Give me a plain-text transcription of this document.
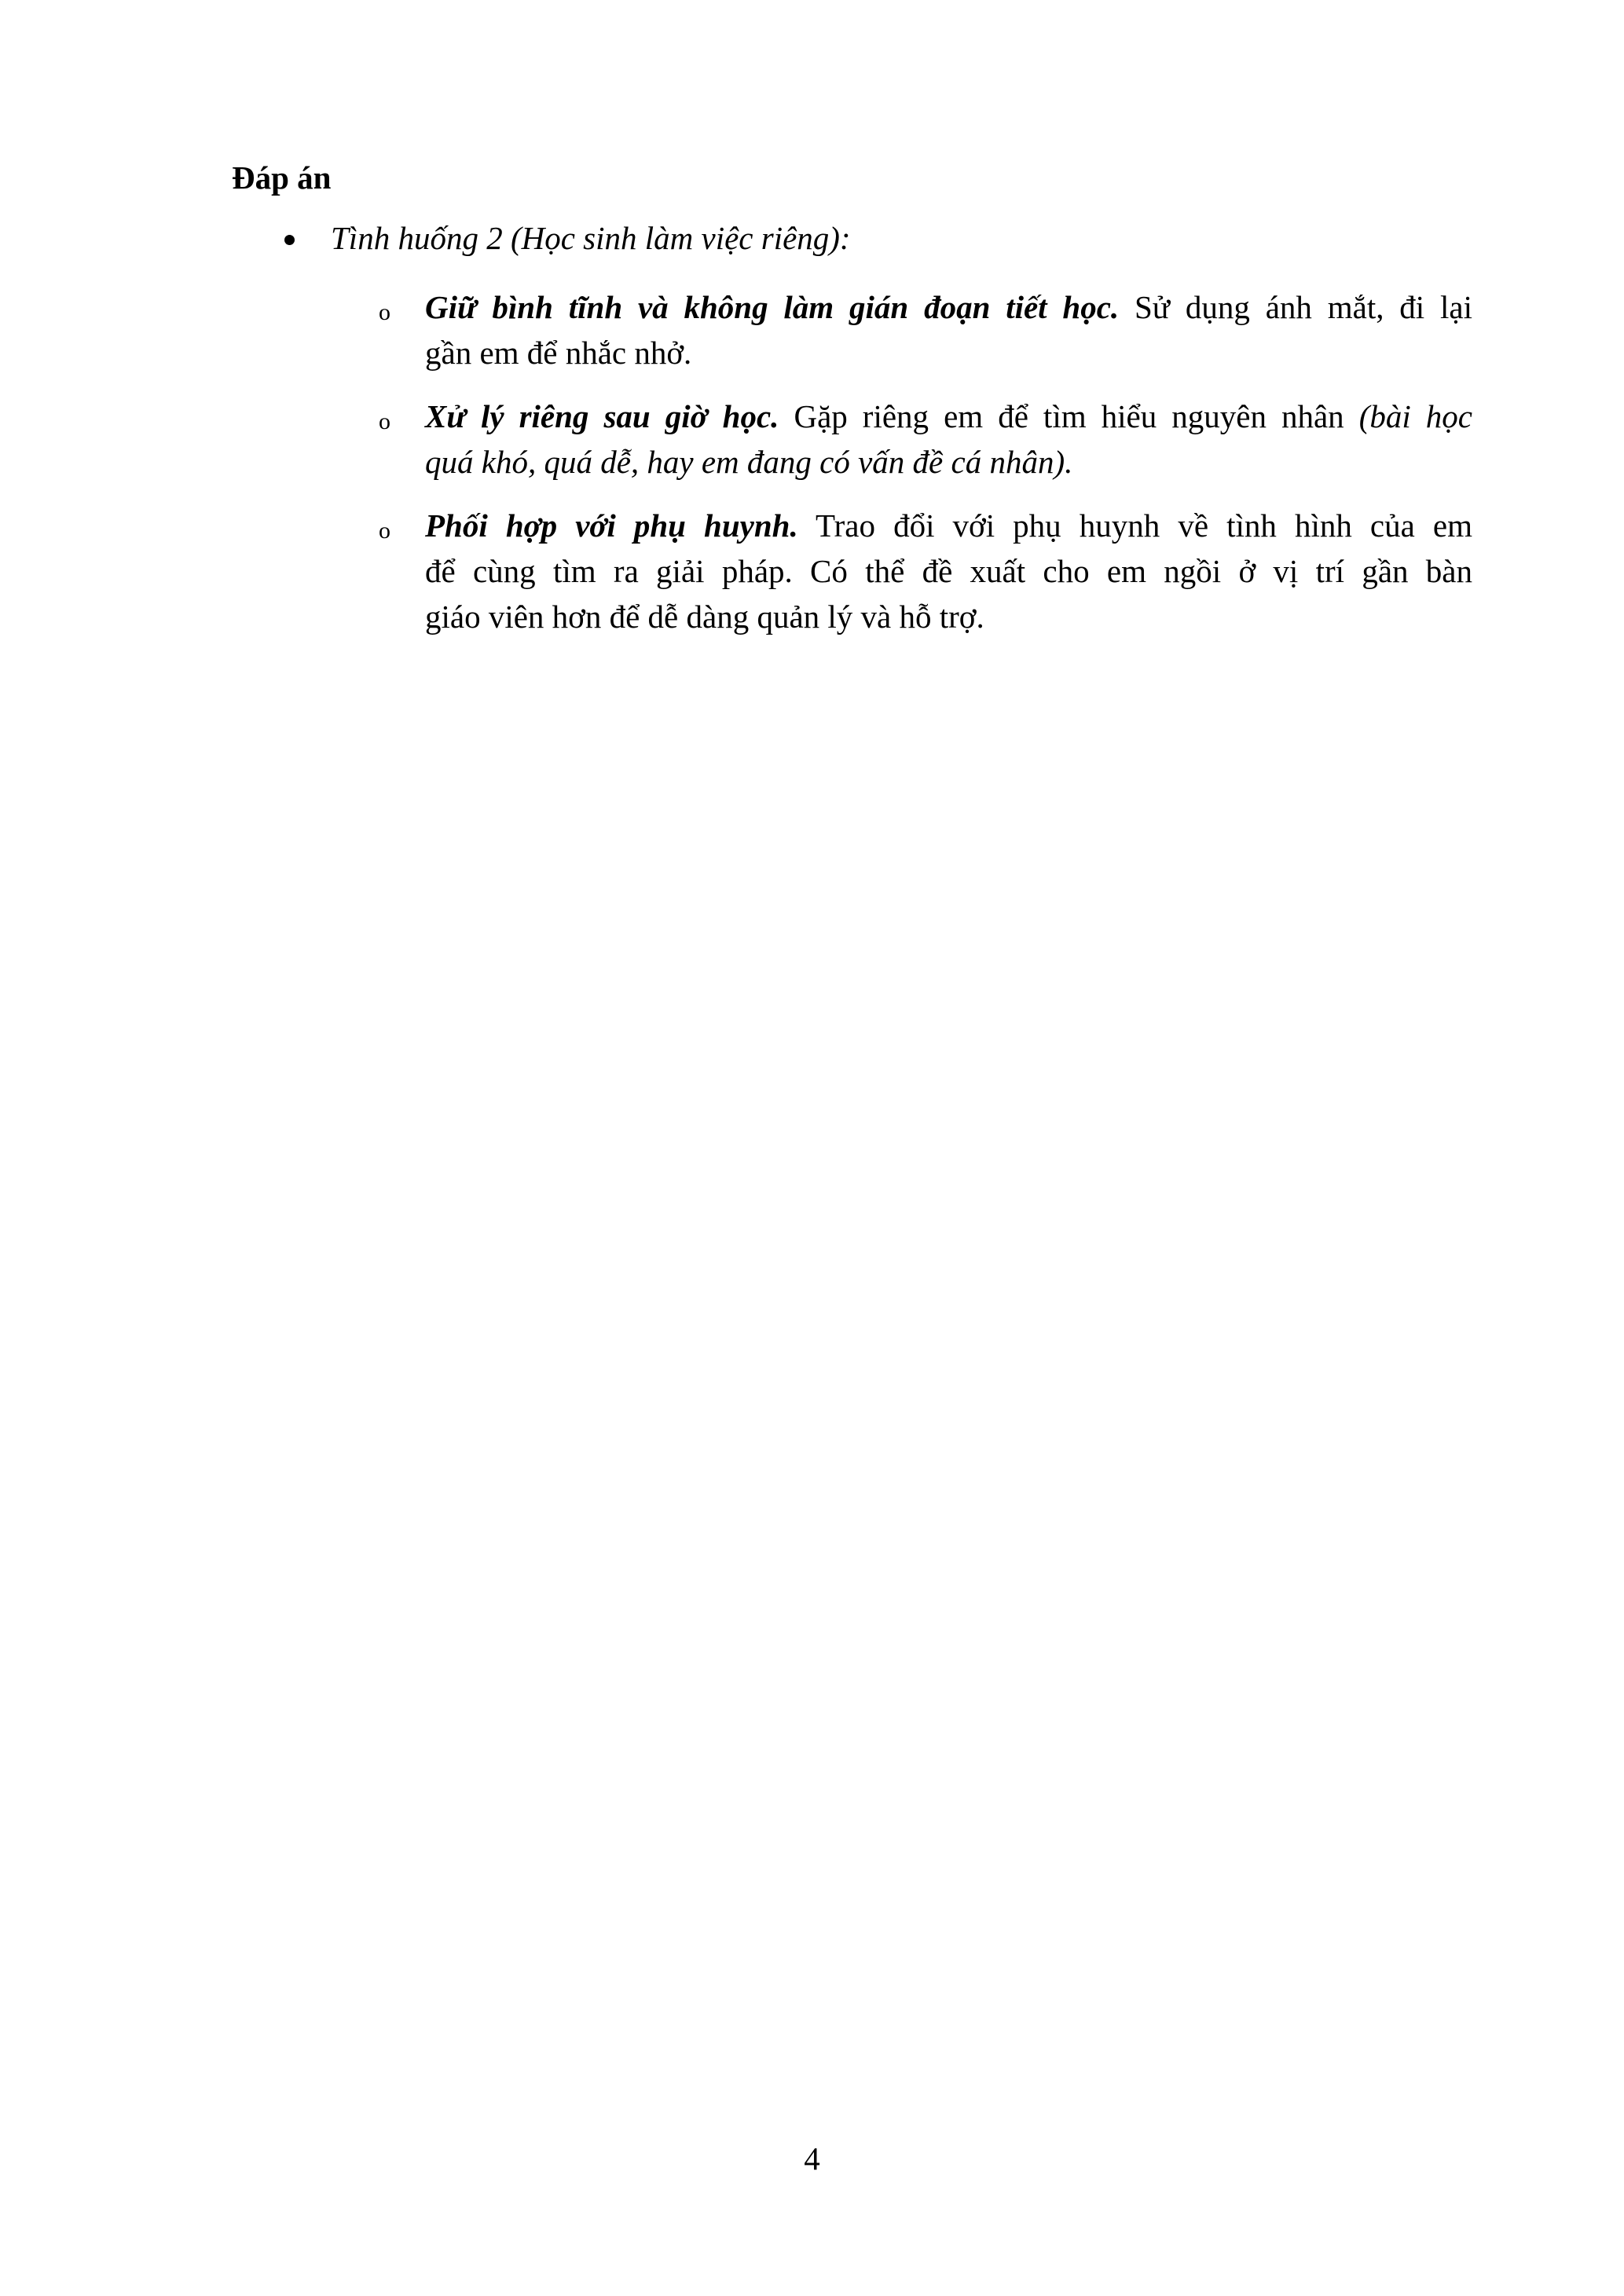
Đáp án
Tình huống 2 (Học sinh làm việc riêng):
o	Giữ bình tĩnh và không làm gián đoạn tiết học. Sử dụng ánh mắt, đi lại
gần em để nhắc nhở.
o	Xử lý riêng sau giờ học. Gặp riêng em để tìm hiểu nguyên nhân (bài học
quá khó, quá dễ, hay em đang có vấn đề cá nhân).
o	Phối hợp với phụ huynh. Trao đổi với phụ huynh về tình hình của em
để cùng tìm ra giải pháp. Có thể đề xuất cho em ngồi ở vị trí gần bàn
giáo viên hơn để dễ dàng quản lý và hỗ trợ.
4
